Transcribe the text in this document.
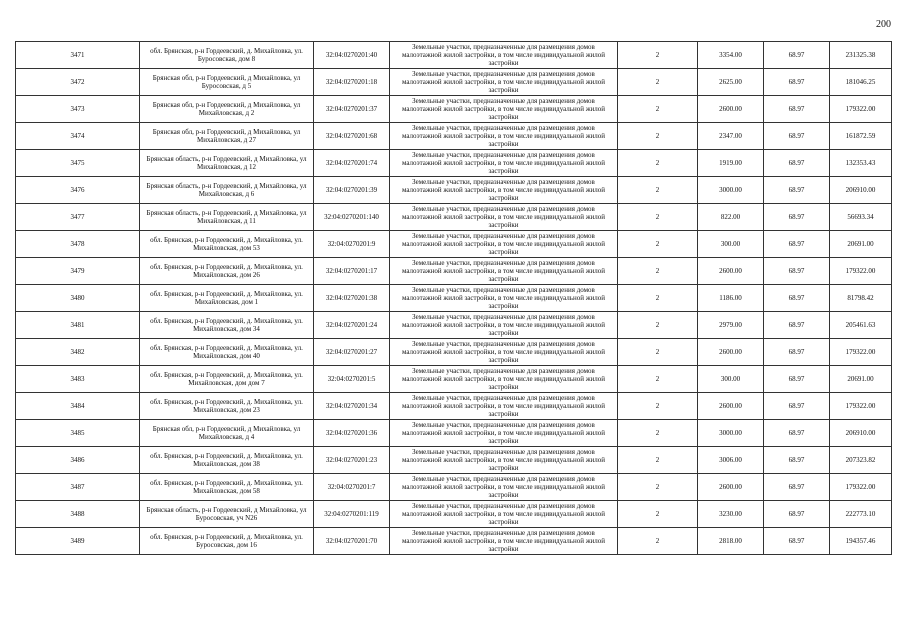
200
3471	обл. Брянская, р-н Гордеевский, д. Михайловка, ул. Буросовская, дом 8	32:04:0270201:40	Земельные участки, предназначенные для размещения домов малоэтажной жилой застройки, в том числе индивидуальной жилой застройки	2	3354.00	68.97	231325.38
3472	Брянская обл, р-н Гордеевский, д Михайловка, ул Буросовская, д 5	32:04:0270201:18	Земельные участки, предназначенные для размещения домов малоэтажной жилой застройки, в том числе индивидуальной жилой застройки	2	2625.00	68.97	181046.25
3473	Брянская обл, р-н Гордеевский, д Михайловка, ул Михайловская, д 2	32:04:0270201:37	Земельные участки, предназначенные для размещения домов малоэтажной жилой застройки, в том числе индивидуальной жилой застройки	2	2600.00	68.97	179322.00
3474	Брянская обл, р-н Гордеевский, д Михайловка, ул Михайловская, д 27	32:04:0270201:68	Земельные участки, предназначенные для размещения домов малоэтажной жилой застройки, в том числе индивидуальной жилой застройки	2	2347.00	68.97	161872.59
3475	Брянская область, р-н Гордеевский, д Михайловка, ул Михайловская, д 12	32:04:0270201:74	Земельные участки, предназначенные для размещения домов малоэтажной жилой застройки, в том числе индивидуальной жилой застройки	2	1919.00	68.97	132353.43
3476	Брянская область, р-н Гордеевский, д Михайловка, ул Михайловская, д 6	32:04:0270201:39	Земельные участки, предназначенные для размещения домов малоэтажной жилой застройки, в том числе индивидуальной жилой застройки	2	3000.00	68.97	206910.00
3477	Брянская область, р-н Гордеевский, д Михайловка, ул Михайловская, д 11	32:04:0270201:140	Земельные участки, предназначенные для размещения домов малоэтажной жилой застройки, в том числе индивидуальной жилой застройки	2	822.00	68.97	56693.34
3478	обл. Брянская, р-н Гордеевский, д. Михайловка, ул. Михайловская, дом 53	32:04:0270201:9	Земельные участки, предназначенные для размещения домов малоэтажной жилой застройки, в том числе индивидуальной жилой застройки	2	300.00	68.97	20691.00
3479	обл. Брянская, р-н Гордеевский, д. Михайловка, ул. Михайловская, дом 26	32:04:0270201:17	Земельные участки, предназначенные для размещения домов малоэтажной жилой застройки, в том числе индивидуальной жилой застройки	2	2600.00	68.97	179322.00
3480	обл. Брянская, р-н Гордеевский, д. Михайловка, ул. Михайловская, дом 1	32:04:0270201:38	Земельные участки, предназначенные для размещения домов малоэтажной жилой застройки, в том числе индивидуальной жилой застройки	2	1186.00	68.97	81798.42
3481	обл. Брянская, р-н Гордеевский, д. Михайловка, ул. Михайловская, дом 34	32:04:0270201:24	Земельные участки, предназначенные для размещения домов малоэтажной жилой застройки, в том числе индивидуальной жилой застройки	2	2979.00	68.97	205461.63
3482	обл. Брянская, р-н Гордеевский, д. Михайловка, ул. Михайловская, дом 40	32:04:0270201:27	Земельные участки, предназначенные для размещения домов малоэтажной жилой застройки, в том числе индивидуальной жилой застройки	2	2600.00	68.97	179322.00
3483	обл. Брянская, р-н Гордеевский, д. Михайловка, ул. Михайловская, дом дом 7	32:04:0270201:5	Земельные участки, предназначенные для размещения домов малоэтажной жилой застройки, в том числе индивидуальной жилой застройки	2	300.00	68.97	20691.00
3484	обл. Брянская, р-н Гордеевский, д. Михайловка, ул. Михайловская, дом 23	32:04:0270201:34	Земельные участки, предназначенные для размещения домов малоэтажной жилой застройки, в том числе индивидуальной жилой застройки	2	2600.00	68.97	179322.00
3485	Брянская обл, р-н Гордеевский, д Михайловка, ул Михайловская, д 4	32:04:0270201:36	Земельные участки, предназначенные для размещения домов малоэтажной жилой застройки, в том числе индивидуальной жилой застройки	2	3000.00	68.97	206910.00
3486	обл. Брянская, р-н Гордеевский, д. Михайловка, ул. Михайловская, дом 38	32:04:0270201:23	Земельные участки, предназначенные для размещения домов малоэтажной жилой застройки, в том числе индивидуальной жилой застройки	2	3006.00	68.97	207323.82
3487	обл. Брянская, р-н Гордеевский, д. Михайловка, ул. Михайловская, дом 58	32:04:0270201:7	Земельные участки, предназначенные для размещения домов малоэтажной жилой застройки, в том числе индивидуальной жилой застройки	2	2600.00	68.97	179322.00
3488	Брянская область, р-н Гордеевский, д Михайловка, ул Буросовская, уч N26	32:04:0270201:119	Земельные участки, предназначенные для размещения домов малоэтажной жилой застройки, в том числе индивидуальной жилой застройки	2	3230.00	68.97	222773.10
3489	обл. Брянская, р-н Гордеевский, д. Михайловка, ул. Буросовская, дом 16	32:04:0270201:70	Земельные участки, предназначенные для размещения домов малоэтажной жилой застройки, в том числе индивидуальной жилой застройки	2	2818.00	68.97	194357.46
